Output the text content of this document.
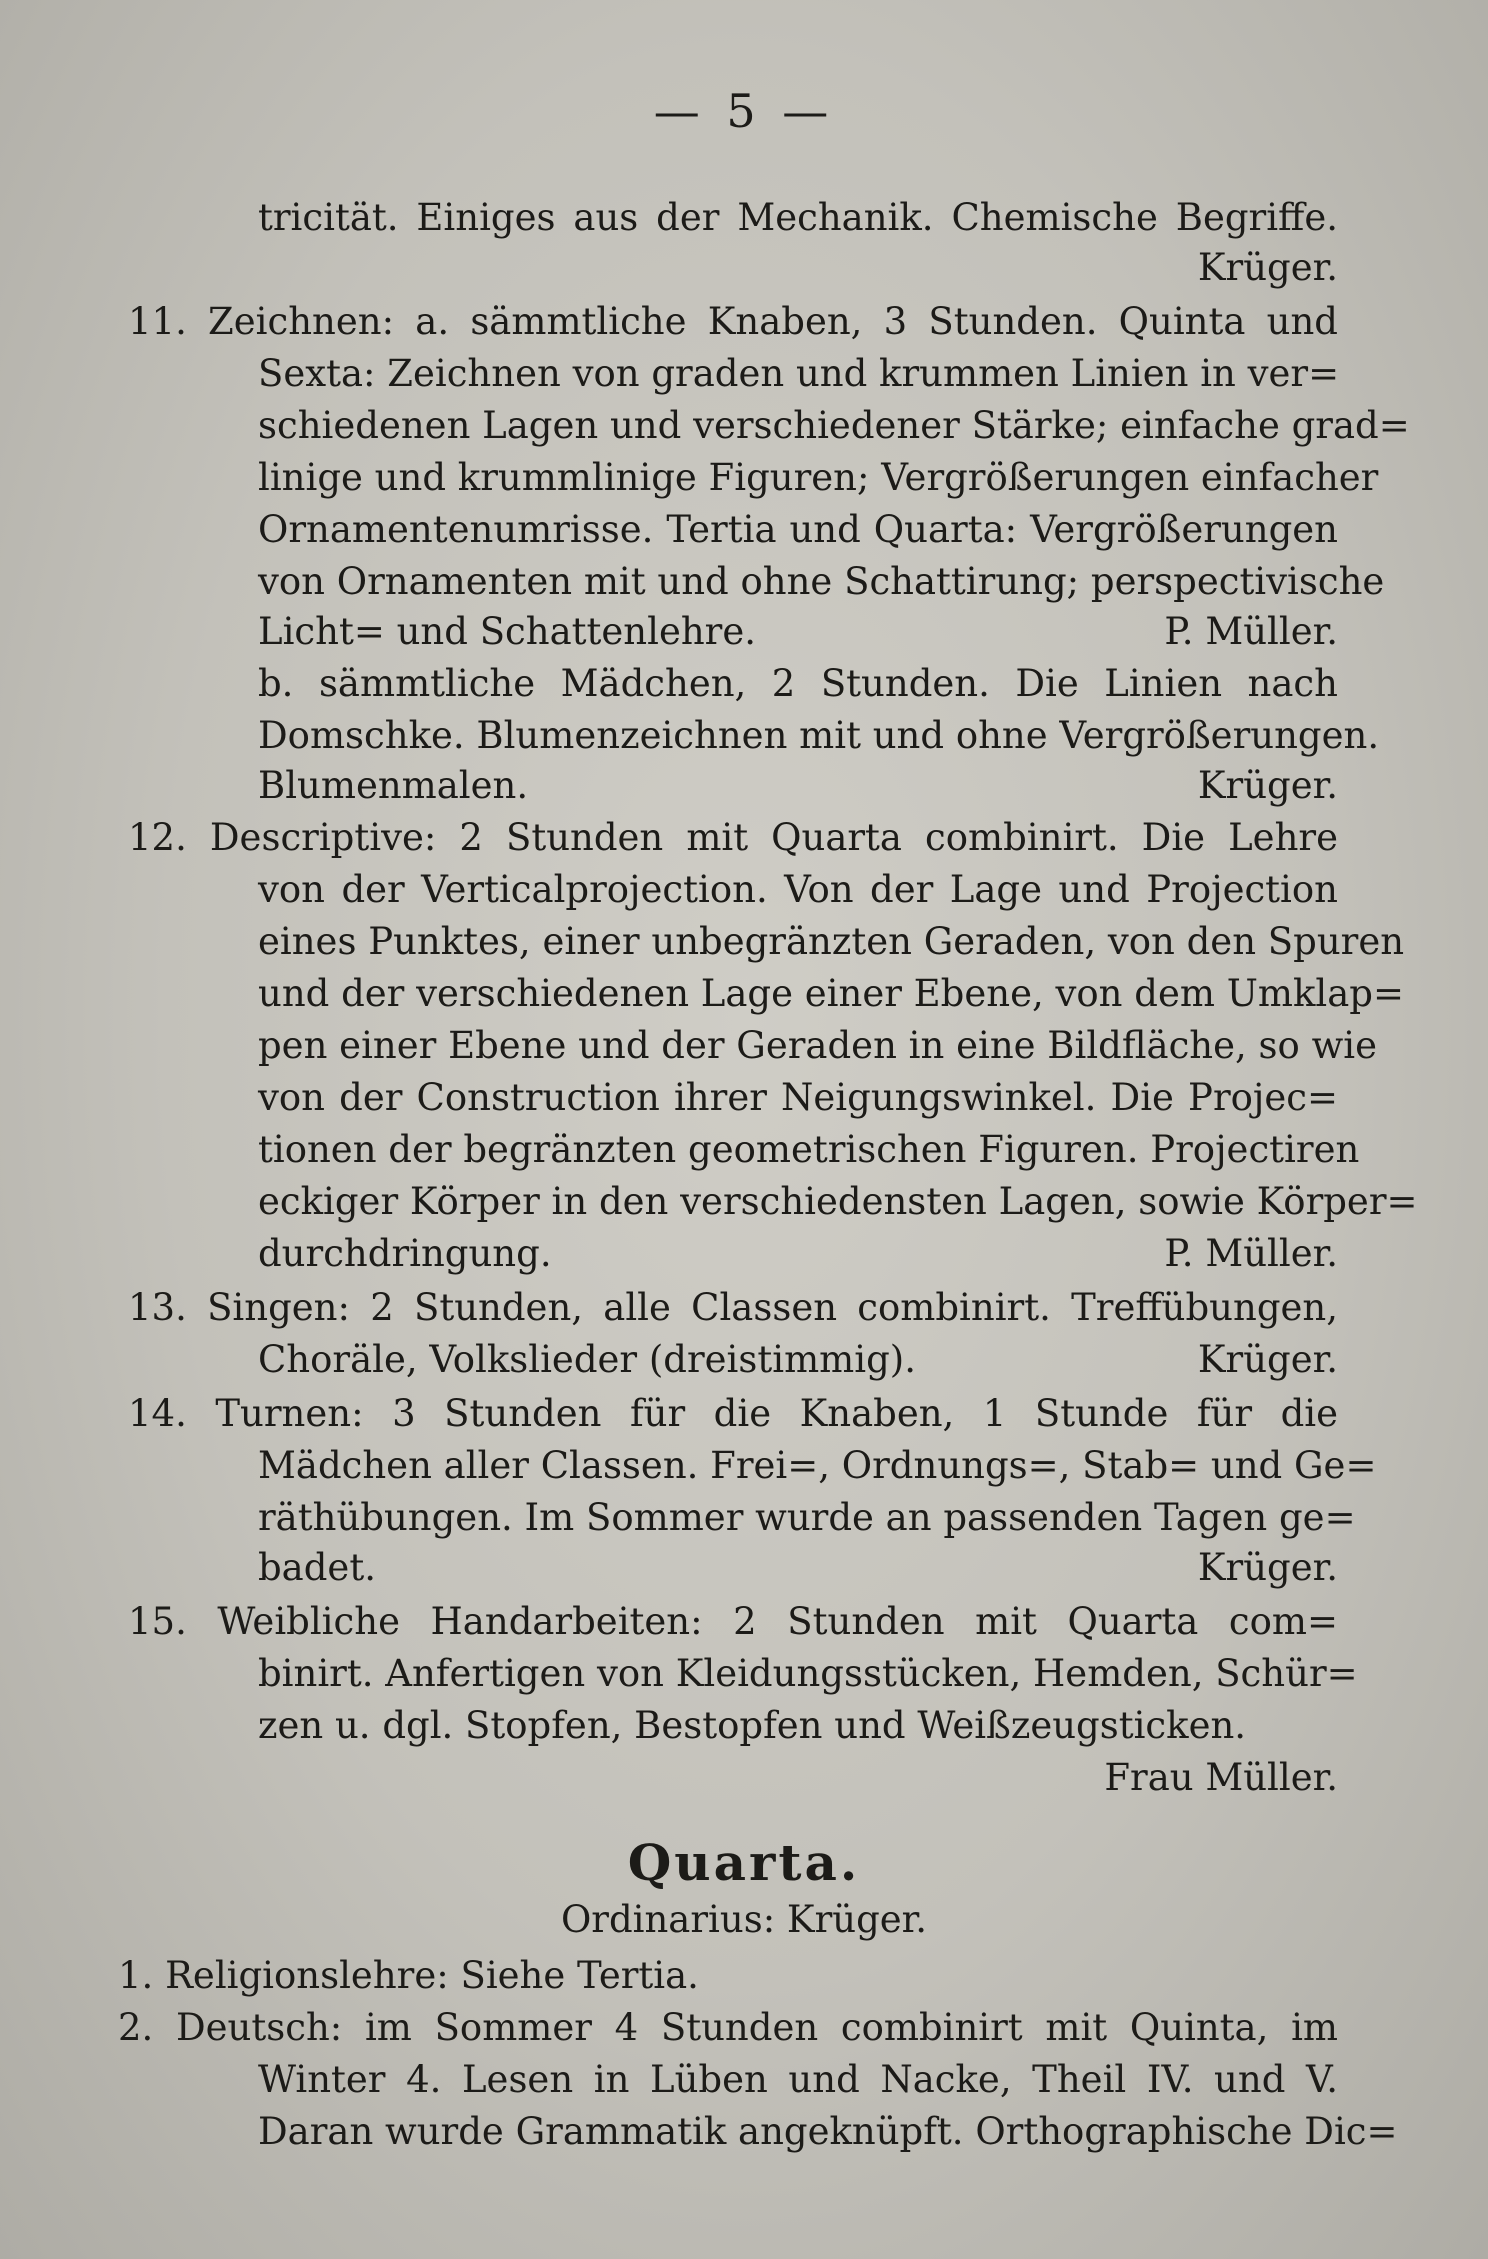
— 5 —
tricität. Einiges aus der Mechanik. Chemische Begriffe.
Krüger.
11. Zeichnen: a. sämmtliche Knaben, 3 Stunden. Quinta und
Sexta: Zeichnen von graden und krummen Linien in ver=
schiedenen Lagen und verschiedener Stärke; einfache grad=
linige und krummlinige Figuren; Vergrößerungen einfacher
Ornamentenumrisse. Tertia und Quarta: Vergrößerungen
von Ornamenten mit und ohne Schattirung; perspectivische
Licht= und Schattenlehre.	P. Müller.
b. sämmtliche Mädchen, 2 Stunden. Die Linien nach
Domschke. Blumenzeichnen mit und ohne Vergrößerungen.
Blumenmalen.	Krüger.
12. Descriptive: 2 Stunden mit Quarta combinirt. Die Lehre
von der Verticalprojection. Von der Lage und Projection
eines Punktes, einer unbegränzten Geraden, von den Spuren
und der verschiedenen Lage einer Ebene, von dem Umklap=
pen einer Ebene und der Geraden in eine Bildfläche, so wie
von der Construction ihrer Neigungswinkel. Die Projec=
tionen der begränzten geometrischen Figuren. Projectiren
eckiger Körper in den verschiedensten Lagen, sowie Körper=
durchdringung.	P. Müller.
13. Singen: 2 Stunden, alle Classen combinirt. Treffübungen,
Choräle, Volkslieder (dreistimmig).	Krüger.
14. Turnen: 3 Stunden für die Knaben, 1 Stunde für die
Mädchen aller Classen. Frei=, Ordnungs=, Stab= und Ge=
räthübungen. Im Sommer wurde an passenden Tagen ge=
badet.	Krüger.
15. Weibliche Handarbeiten: 2 Stunden mit Quarta com=
binirt. Anfertigen von Kleidungsstücken, Hemden, Schür=
zen u. dgl. Stopfen, Bestopfen und Weißzeugsticken.
Frau Müller.
Quarta.
Ordinarius: Krüger.
1. Religionslehre: Siehe Tertia.
2. Deutsch: im Sommer 4 Stunden combinirt mit Quinta, im
Winter 4. Lesen in Lüben und Nacke, Theil IV. und V.
Daran wurde Grammatik angeknüpft. Orthographische Dic=
